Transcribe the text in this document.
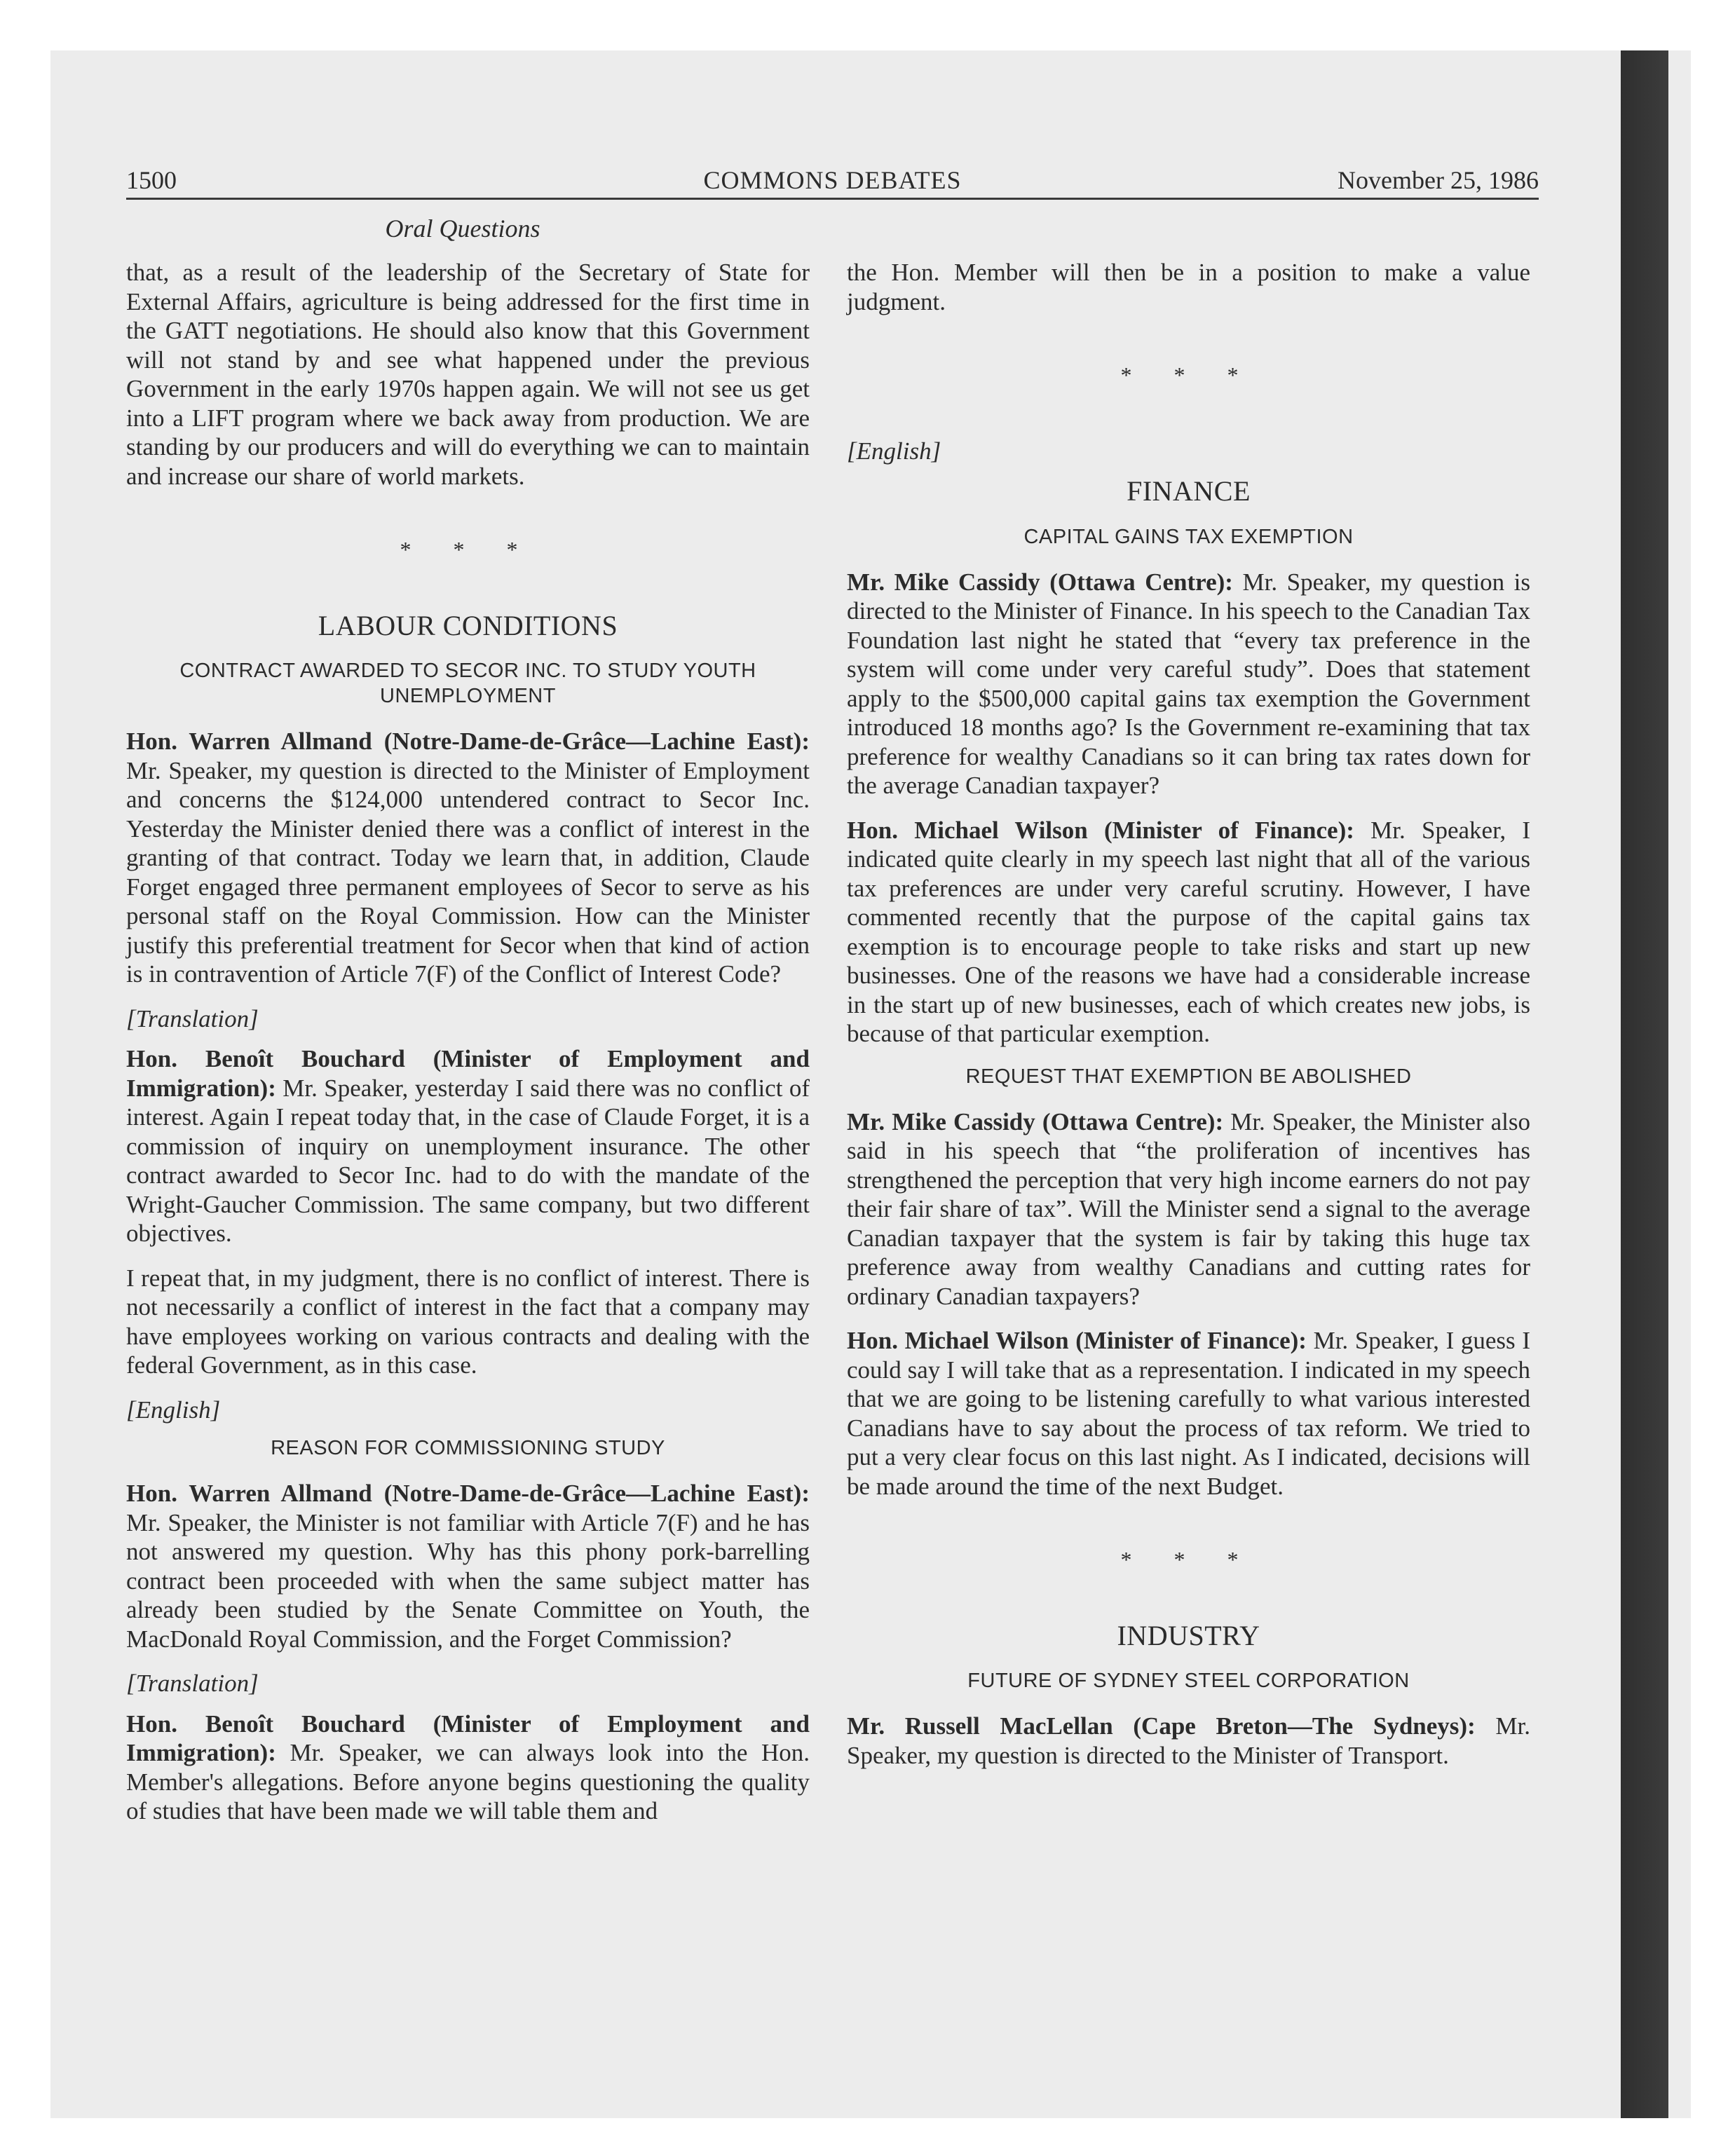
1500	COMMONS DEBATES	November 25, 1986
Oral Questions

that, as a result of the leadership of the Secretary of State for External Affairs, agriculture is being addressed for the first time in the GATT negotiations. He should also know that this Government will not stand by and see what happened under the previous Government in the early 1970s happen again. We will not see us get into a LIFT program where we back away from production. We are standing by our producers and will do everything we can to maintain and increase our share of world markets.

* * *
LABOUR CONDITIONS
CONTRACT AWARDED TO SECOR INC. TO STUDY YOUTH UNEMPLOYMENT

Hon. Warren Allmand (Notre-Dame-de-Grâce—Lachine East): Mr. Speaker, my question is directed to the Minister of Employment and concerns the $124,000 untendered contract to Secor Inc. Yesterday the Minister denied there was a conflict of interest in the granting of that contract. Today we learn that, in addition, Claude Forget engaged three permanent employees of Secor to serve as his personal staff on the Royal Commission. How can the Minister justify this preferential treatment for Secor when that kind of action is in contravention of Article 7(F) of the Conflict of Interest Code?

[Translation]

Hon. Benoît Bouchard (Minister of Employment and Immigration): Mr. Speaker, yesterday I said there was no conflict of interest. Again I repeat today that, in the case of Claude Forget, it is a commission of inquiry on unemployment insurance. The other contract awarded to Secor Inc. had to do with the mandate of the Wright-Gaucher Commission. The same company, but two different objectives.

I repeat that, in my judgment, there is no conflict of interest. There is not necessarily a conflict of interest in the fact that a company may have employees working on various contracts and dealing with the federal Government, as in this case.

[English]
REASON FOR COMMISSIONING STUDY

Hon. Warren Allmand (Notre-Dame-de-Grâce—Lachine East): Mr. Speaker, the Minister is not familiar with Article 7(F) and he has not answered my question. Why has this phony pork-barrelling contract been proceeded with when the same subject matter has already been studied by the Senate Committee on Youth, the MacDonald Royal Commission, and the Forget Commission?

[Translation]

Hon. Benoît Bouchard (Minister of Employment and Immigration): Mr. Speaker, we can always look into the Hon. Member's allegations. Before anyone begins questioning the quality of studies that have been made we will table them and

the Hon. Member will then be in a position to make a value judgment.

* * *
[English]
FINANCE
CAPITAL GAINS TAX EXEMPTION

Mr. Mike Cassidy (Ottawa Centre): Mr. Speaker, my question is directed to the Minister of Finance. In his speech to the Canadian Tax Foundation last night he stated that “every tax preference in the system will come under very careful study”. Does that statement apply to the $500,000 capital gains tax exemption the Government introduced 18 months ago? Is the Government re-examining that tax preference for wealthy Canadians so it can bring tax rates down for the average Canadian taxpayer?

Hon. Michael Wilson (Minister of Finance): Mr. Speaker, I indicated quite clearly in my speech last night that all of the various tax preferences are under very careful scrutiny. However, I have commented recently that the purpose of the capital gains tax exemption is to encourage people to take risks and start up new businesses. One of the reasons we have had a considerable increase in the start up of new businesses, each of which creates new jobs, is because of that particular exemption.

REQUEST THAT EXEMPTION BE ABOLISHED

Mr. Mike Cassidy (Ottawa Centre): Mr. Speaker, the Minister also said in his speech that “the proliferation of incentives has strengthened the perception that very high income earners do not pay their fair share of tax”. Will the Minister send a signal to the average Canadian taxpayer that the system is fair by taking this huge tax preference away from wealthy Canadians and cutting rates for ordinary Canadian taxpayers?

Hon. Michael Wilson (Minister of Finance): Mr. Speaker, I guess I could say I will take that as a representation. I indicated in my speech that we are going to be listening carefully to what various interested Canadians have to say about the process of tax reform. We tried to put a very clear focus on this last night. As I indicated, decisions will be made around the time of the next Budget.

* * *
INDUSTRY
FUTURE OF SYDNEY STEEL CORPORATION

Mr. Russell MacLellan (Cape Breton—The Sydneys): Mr. Speaker, my question is directed to the Minister of Transport.
